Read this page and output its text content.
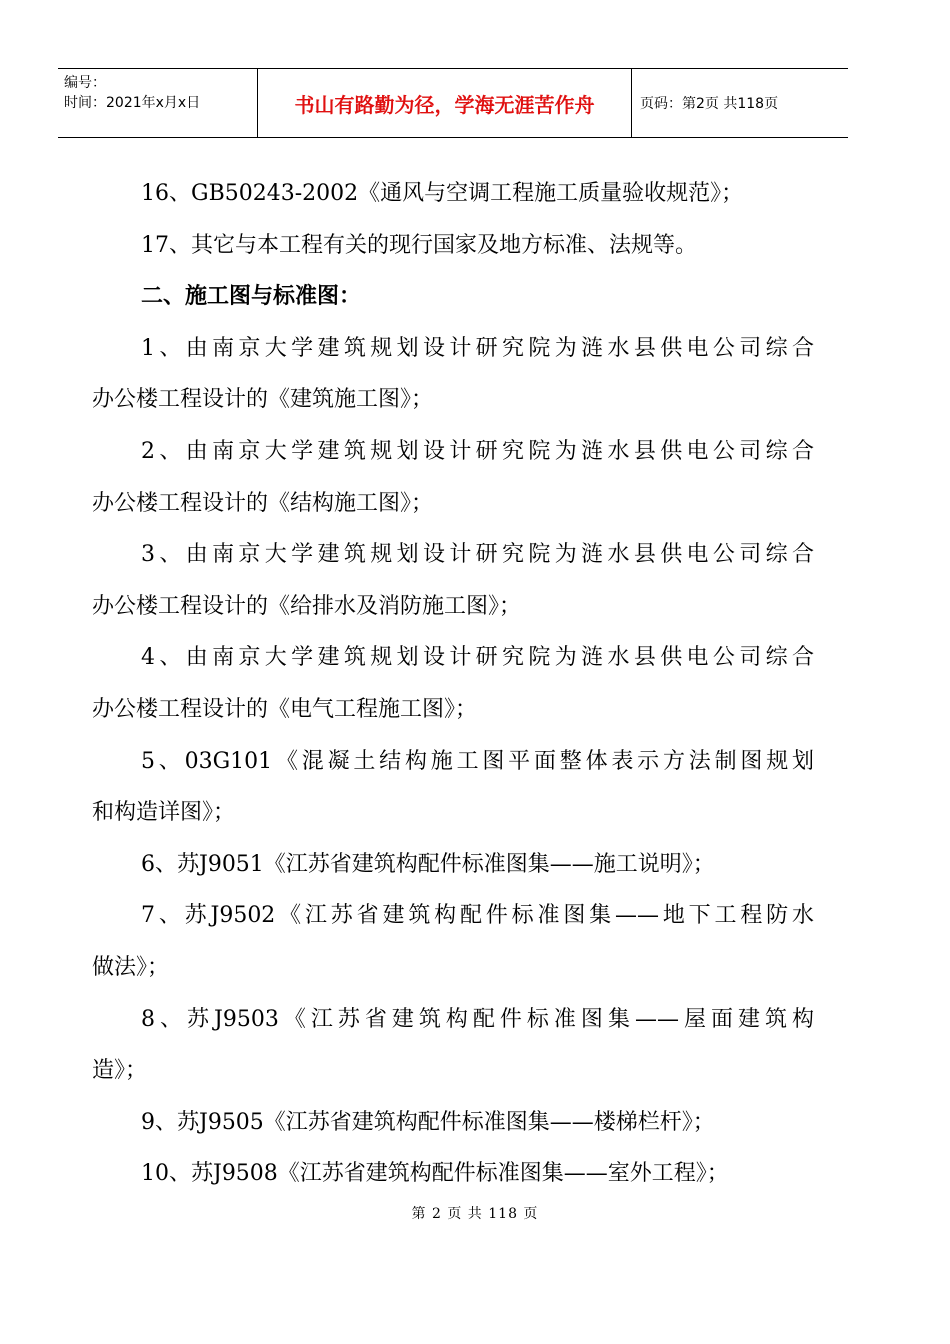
编号：
时间：2021年x月x日	书山有路勤为径，学海无涯苦作舟	页码：第2页 共118页
16、GB50243-2002《通风与空调工程施工质量验收规范》；
17、其它与本工程有关的现行国家及地方标准、法规等。
二、施工图与标准图：
1、由南京大学建筑规划设计研究院为涟水县供电公司综合
办公楼工程设计的《建筑施工图》；
2、由南京大学建筑规划设计研究院为涟水县供电公司综合
办公楼工程设计的《结构施工图》；
3、由南京大学建筑规划设计研究院为涟水县供电公司综合
办公楼工程设计的《给排水及消防施工图》；
4、由南京大学建筑规划设计研究院为涟水县供电公司综合
办公楼工程设计的《电气工程施工图》；
5、03G101《混凝土结构施工图平面整体表示方法制图规划
和构造详图》；
6、苏J9051《江苏省建筑构配件标准图集——施工说明》；
7、苏J9502《江苏省建筑构配件标准图集——地下工程防水
做法》；
8、苏J9503《江苏省建筑构配件标准图集——屋面建筑构
造》；
9、苏J9505《江苏省建筑构配件标准图集——楼梯栏杆》；
10、苏J9508《江苏省建筑构配件标准图集——室外工程》；
第 2 页 共 118 页
